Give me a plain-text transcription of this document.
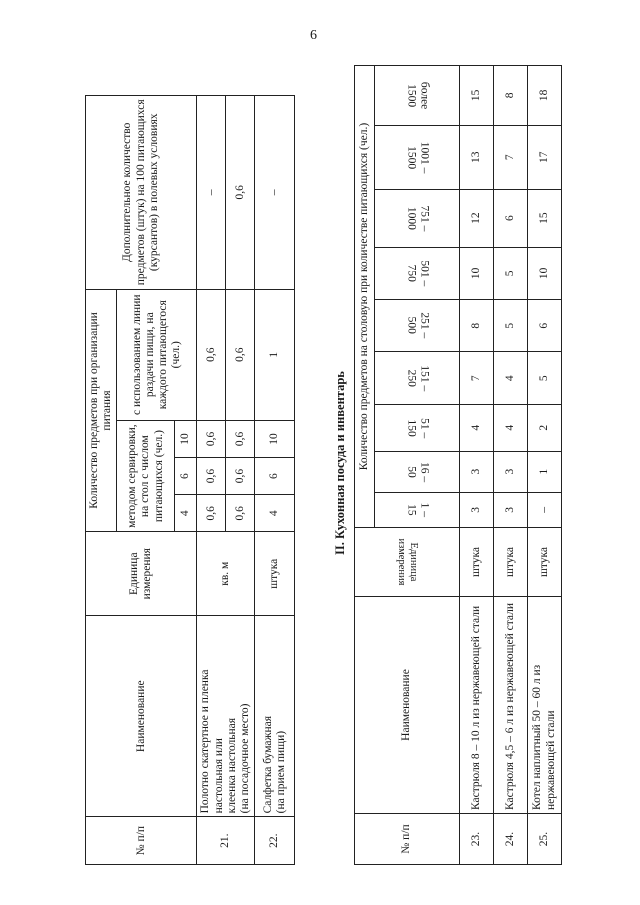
6
№ п/п	Наименование	Единица измерения	Количество предметов при организации питания				Дополнительное количество предметов (штук) на 100 питающихся (курсантов) в полевых условиях
			методом сервировки, на стол с числом питающихся (чел.)			с использованием линии раздачи пищи, на каждого питающегося (чел.)	
			4	6	10		
21.	Полотно скатертное и пленка
настольная или
клеенка настольная
(на посадочное место)	кв. м	0,6	0,6	0,6	0,6	–
			0,6	0,6	0,6	0,6	0,6
22.	Салфетка бумажная
(на прием пищи)	штука	4	6	10	1	–
II. Кухонная посуда и инвентарь
№ п/п	Наименование	Единица измерения	Количество предметов на столовую при количестве питающихся (чел.)								
			1 – 15	16 – 50	51 – 150	151 – 250	251 – 500	501 – 750	751 – 1000	1001 – 1500	более 1500
23.	Кастрюля 8 – 10 л из нержавеющей стали	штука	3	3	4	7	8	10	12	13	15
24.	Кастрюля 4,5 – 6 л из нержавеющей стали	штука	3	3	4	4	5	5	6	7	8
25.	Котел наплитный 50 – 60 л из нержавеющей стали	штука	–	1	2	5	6	10	15	17	18
